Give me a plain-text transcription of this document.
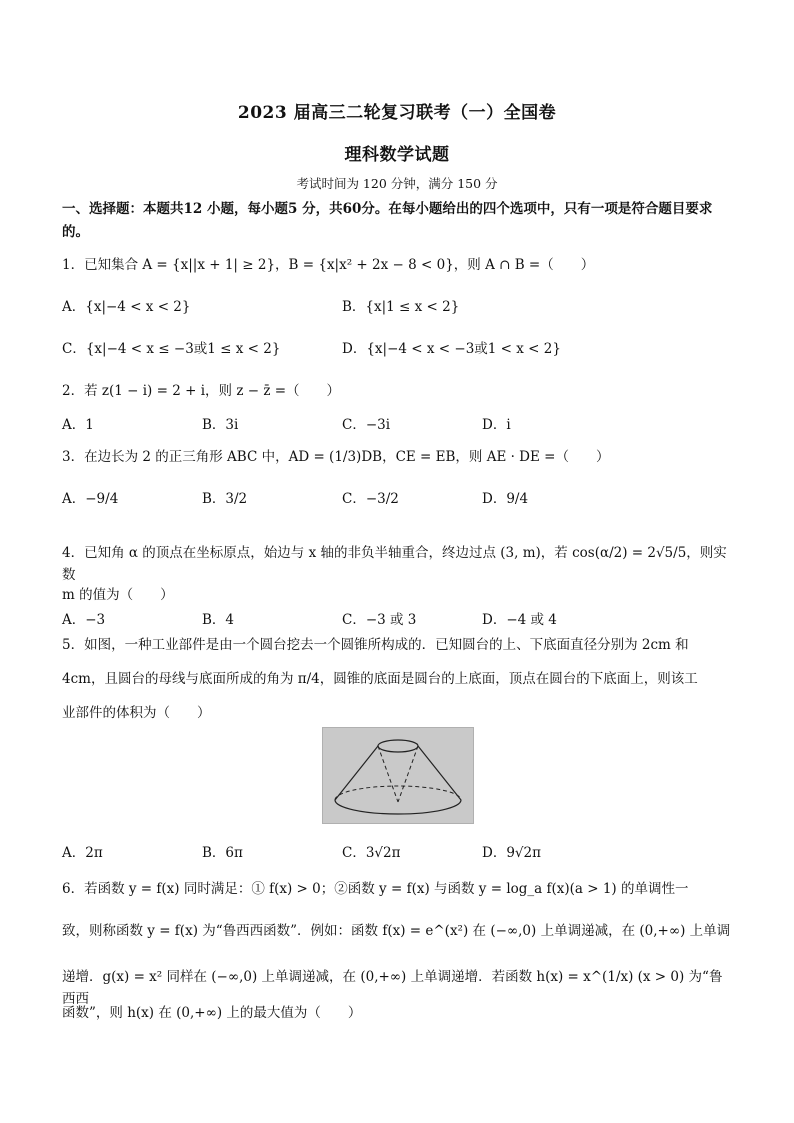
2023 届高三二轮复习联考（一）全国卷
理科数学试题
考试时间为 120 分钟，满分 150 分
一、选择题：本题共12 小题，每小题5 分，共60分。在每小题给出的四个选项中，只有一项是符合题目要求的。
1．已知集合 A = {x||x + 1| ≥ 2}，B = {x|x² + 2x − 8 < 0}，则 A ∩ B =（　　）
A．{x|−4 < x < 2}	B．{x|1 ≤ x < 2}
C．{x|−4 < x ≤ −3或1 ≤ x < 2}	D．{x|−4 < x < −3或1 < x < 2}
2．若 z(1 − i) = 2 + i，则 z − z̄ =（　　）
A．1	B．3i	C．−3i	D．i
3．在边长为 2 的正三角形 ABC 中，AD = (1/3)DB，CE = EB，则 AE · DE =（　　）
A．−9/4	B．3/2	C．−3/2	D．9/4
4．已知角 α 的顶点在坐标原点，始边与 x 轴的非负半轴重合，终边过点 (3, m)，若 cos(α/2) = 2√5/5，则实数
m 的值为（　　）
A．−3	B．4	C．−3 或 3	D．−4 或 4
5．如图，一种工业部件是由一个圆台挖去一个圆锥所构成的．已知圆台的上、下底面直径分别为 2cm 和
4cm，且圆台的母线与底面所成的角为 π/4，圆锥的底面是圆台的上底面，顶点在圆台的下底面上，则该工
业部件的体积为（　　）
A．2π	B．6π	C．3√2π	D．9√2π
6．若函数 y = f(x) 同时满足：① f(x) > 0；②函数 y = f(x) 与函数 y = log_a f(x)(a > 1) 的单调性一
致，则称函数 y = f(x) 为“鲁西西函数”．例如：函数 f(x) = e^(x²) 在 (−∞,0) 上单调递减，在 (0,+∞) 上单调
递增．g(x) = x² 同样在 (−∞,0) 上单调递减，在 (0,+∞) 上单调递增．若函数 h(x) = x^(1/x) (x > 0) 为“鲁西西
函数”，则 h(x) 在 (0,+∞) 上的最大值为（　　）
